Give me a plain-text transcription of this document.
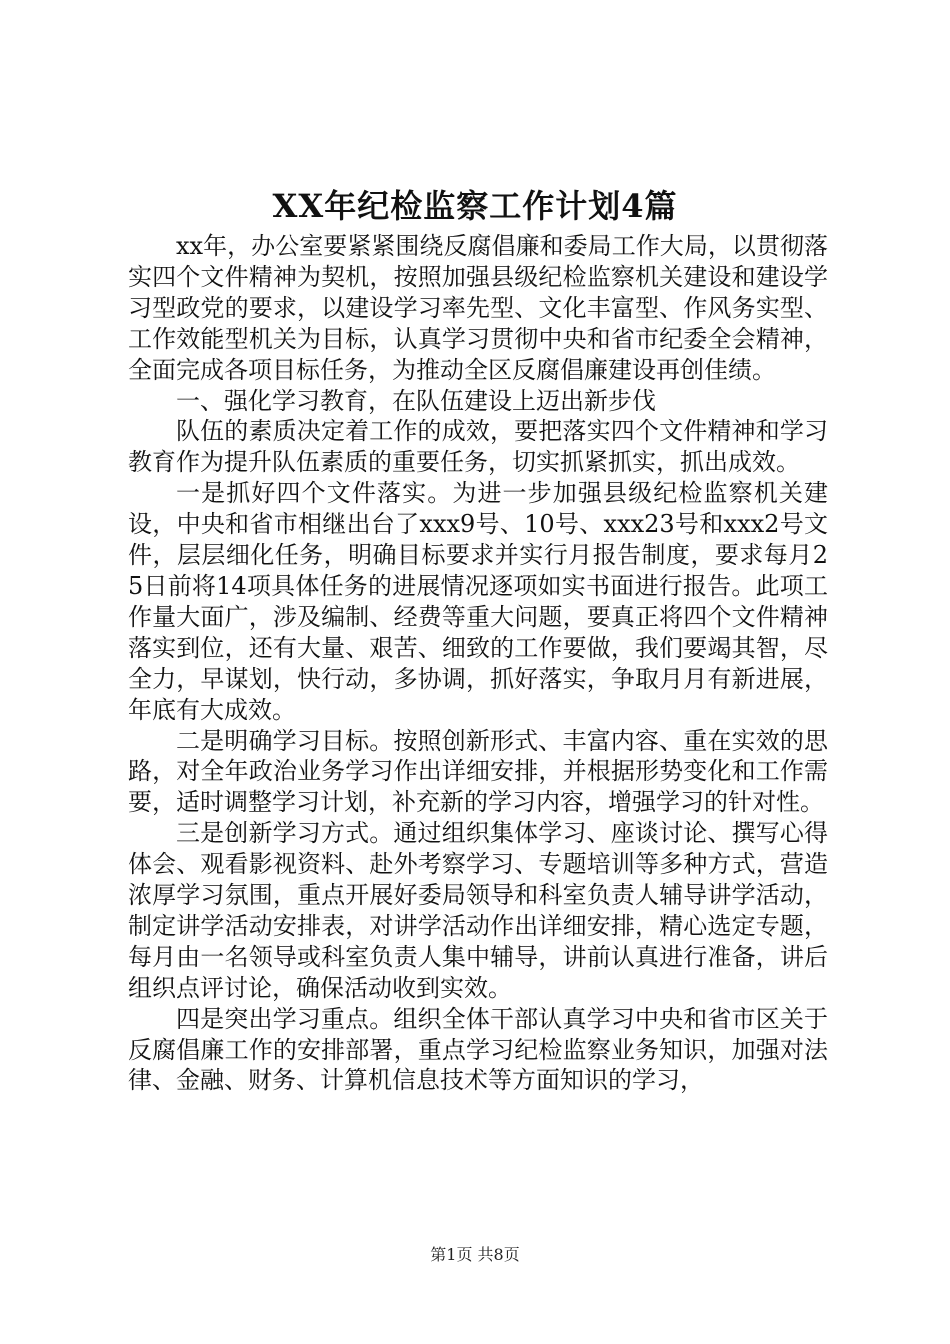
XX年纪检监察工作计划4篇

xx年，办公室要紧紧围绕反腐倡廉和委局工作大局，以贯彻落实四个文件精神为契机，按照加强县级纪检监察机关建设和建设学习型政党的要求，以建设学习率先型、文化丰富型、作风务实型、工作效能型机关为目标，认真学习贯彻中央和省市纪委全会精神，全面完成各项目标任务，为推动全区反腐倡廉建设再创佳绩。

一、强化学习教育，在队伍建设上迈出新步伐

队伍的素质决定着工作的成效，要把落实四个文件精神和学习教育作为提升队伍素质的重要任务，切实抓紧抓实，抓出成效。

一是抓好四个文件落实。为进一步加强县级纪检监察机关建设，中央和省市相继出台了xxx9号、10号、xxx23号和xxx2号文件，层层细化任务，明确目标要求并实行月报告制度，要求每月25日前将14项具体任务的进展情况逐项如实书面进行报告。此项工作量大面广，涉及编制、经费等重大问题，要真正将四个文件精神落实到位，还有大量、艰苦、细致的工作要做，我们要竭其智，尽全力，早谋划，快行动，多协调，抓好落实，争取月月有新进展，年底有大成效。

二是明确学习目标。按照创新形式、丰富内容、重在实效的思路，对全年政治业务学习作出详细安排，并根据形势变化和工作需要，适时调整学习计划，补充新的学习内容，增强学习的针对性。

三是创新学习方式。通过组织集体学习、座谈讨论、撰写心得体会、观看影视资料、赴外考察学习、专题培训等多种方式，营造浓厚学习氛围，重点开展好委局领导和科室负责人辅导讲学活动，制定讲学活动安排表，对讲学活动作出详细安排，精心选定专题，每月由一名领导或科室负责人集中辅导，讲前认真进行准备，讲后组织点评讨论，确保活动收到实效。

四是突出学习重点。组织全体干部认真学习中央和省市区关于反腐倡廉工作的安排部署，重点学习纪检监察业务知识，加强对法律、金融、财务、计算机信息技术等方面知识的学习，

第1页 共8页
